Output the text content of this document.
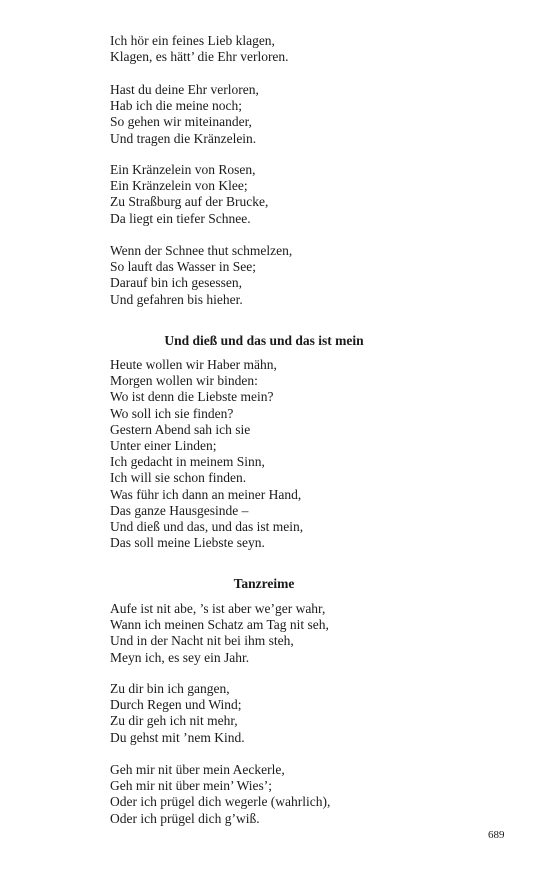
Ich hör ein feines Lieb klagen,
Klagen, es hätt’ die Ehr verloren.
Hast du deine Ehr verloren,
Hab ich die meine noch;
So gehen wir miteinander,
Und tragen die Kränzelein.
Ein Kränzelein von Rosen,
Ein Kränzelein von Klee;
Zu Straßburg auf der Brucke,
Da liegt ein tiefer Schnee.
Wenn der Schnee thut schmelzen,
So lauft das Wasser in See;
Darauf bin ich gesessen,
Und gefahren bis hieher.
Und dieß und das und das ist mein
Heute wollen wir Haber mähn,
Morgen wollen wir binden:
Wo ist denn die Liebste mein?
Wo soll ich sie finden?
Gestern Abend sah ich sie
Unter einer Linden;
Ich gedacht in meinem Sinn,
Ich will sie schon finden.
Was führ ich dann an meiner Hand,
Das ganze Hausgesinde –
Und dieß und das, und das ist mein,
Das soll meine Liebste seyn.
Tanzreime
Aufe ist nit abe, ’s ist aber we’ger wahr,
Wann ich meinen Schatz am Tag nit seh,
Und in der Nacht nit bei ihm steh,
Meyn ich, es sey ein Jahr.
Zu dir bin ich gangen,
Durch Regen und Wind;
Zu dir geh ich nit mehr,
Du gehst mit ’nem Kind.
Geh mir nit über mein Aeckerle,
Geh mir nit über mein’ Wies’;
Oder ich prügel dich wegerle (wahrlich),
Oder ich prügel dich g’wiß.
689
